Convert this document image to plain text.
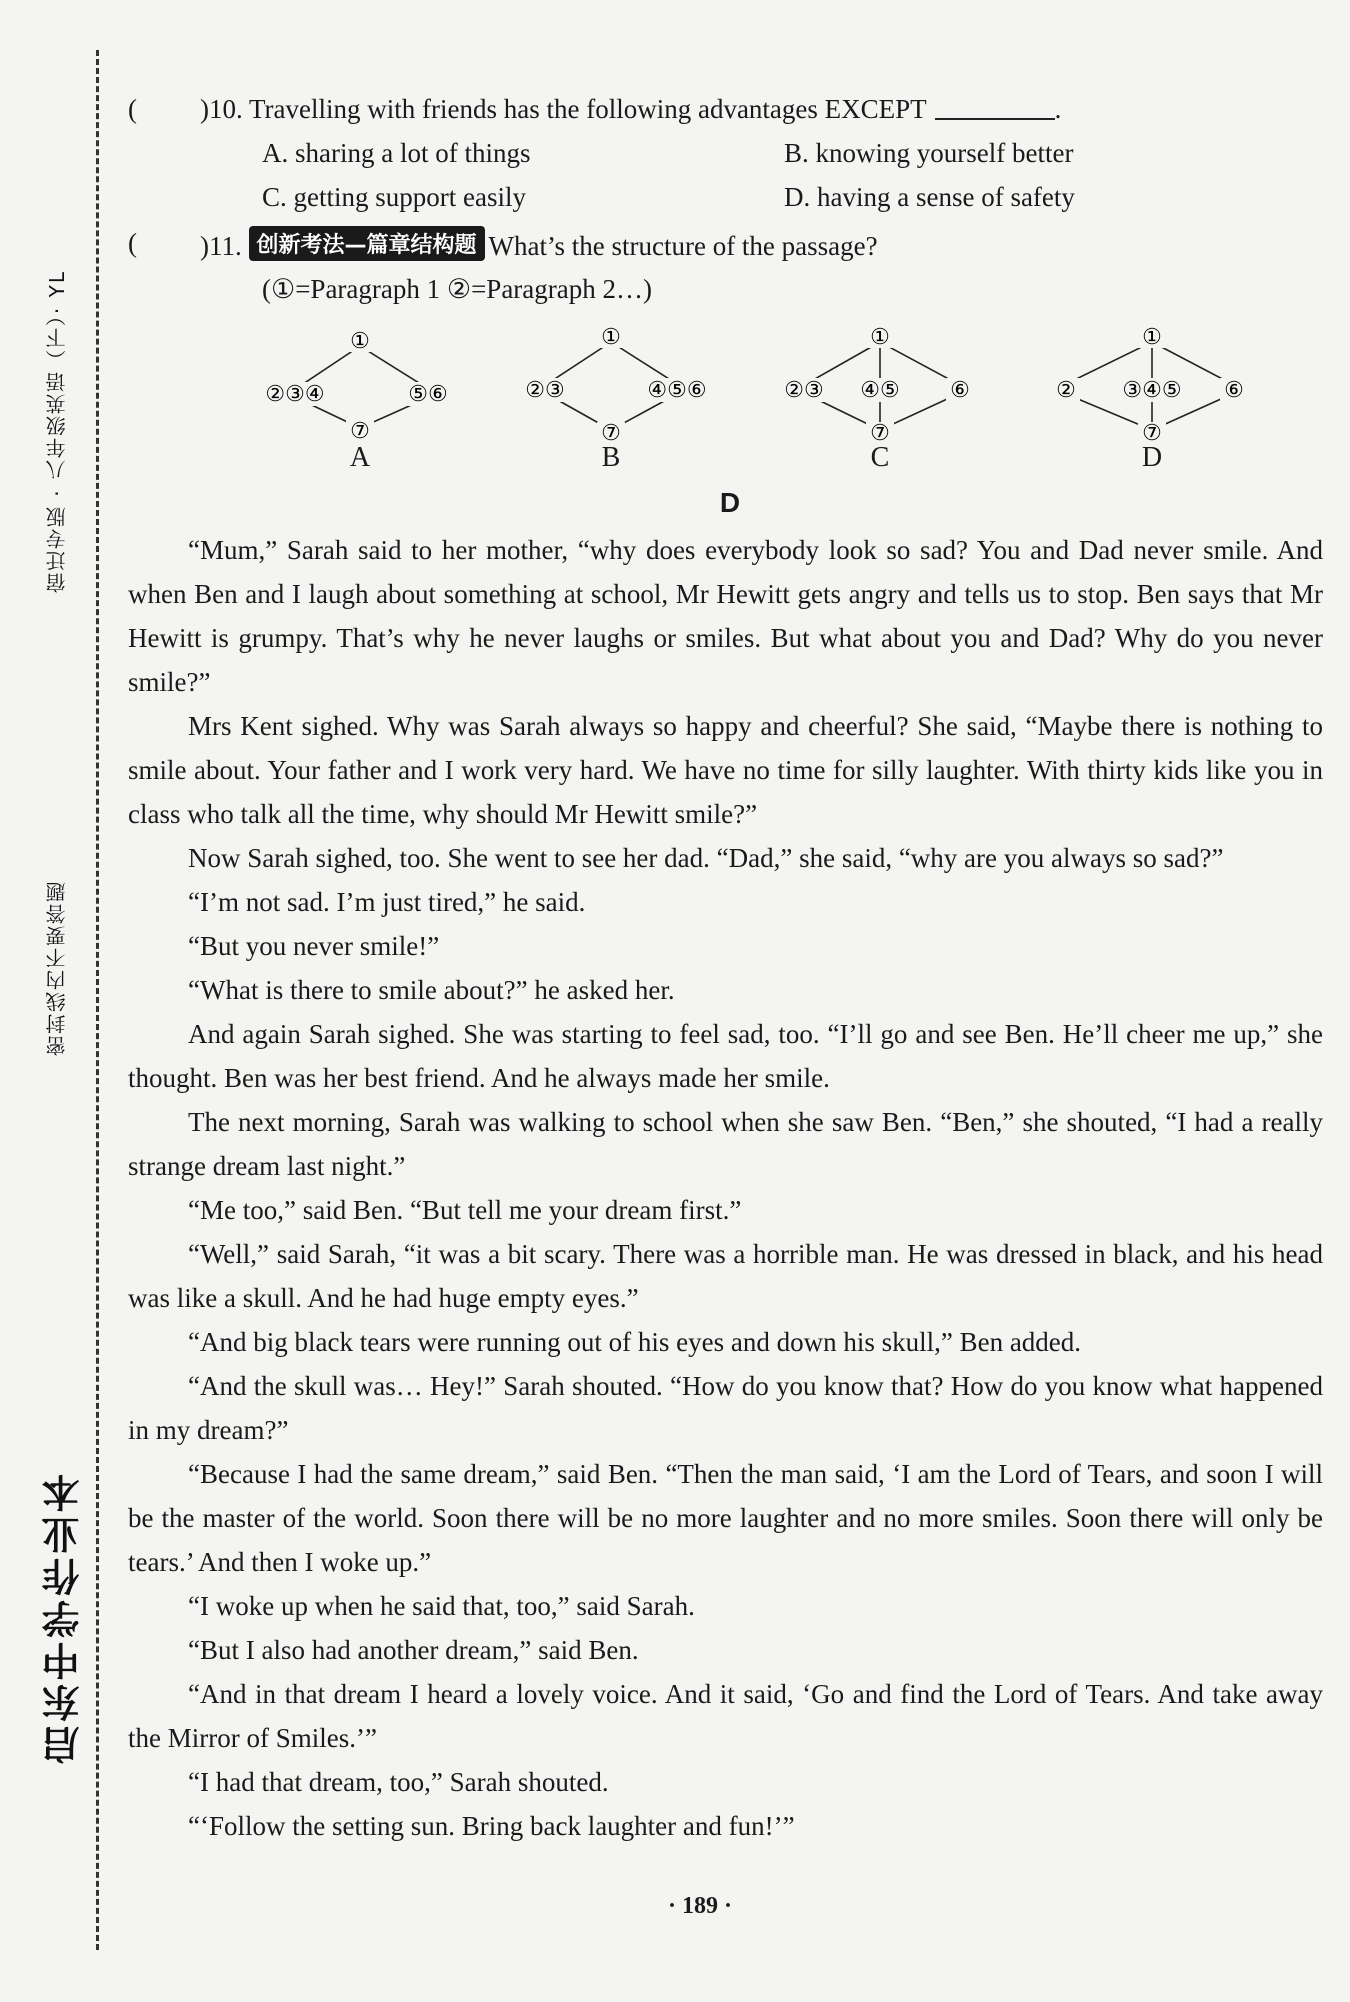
启东中学作业本
密封线内不要答题
宿迁专版 · 八年级英语（下）· YL
( )10. Travelling with friends has the following advantages EXCEPT	.
A. sharing a lot of things	B. knowing yourself better
C. getting support easily	D. having a sense of safety
( )11. 创新考法—篇章结构题 What’s the structure of the passage?
(①=Paragraph 1 ②=Paragraph 2…)
①
②③④	⑤⑥
⑦
A
①
②③	④⑤⑥
⑦
B
①
②③ ④⑤ ⑥
⑦
C
①
② ③④⑤ ⑥
⑦
D
D

“Mum,” Sarah said to her mother, “why does everybody look so sad? You and Dad never smile. And when Ben and I laugh about something at school, Mr Hewitt gets angry and tells us to stop. Ben says that Mr Hewitt is grumpy. That’s why he never laughs or smiles. But what about you and Dad? Why do you never smile?”

Mrs Kent sighed. Why was Sarah always so happy and cheerful? She said, “Maybe there is nothing to smile about. Your father and I work very hard. We have no time for silly laughter. With thirty kids like you in class who talk all the time, why should Mr Hewitt smile?”

Now Sarah sighed, too. She went to see her dad. “Dad,” she said, “why are you always so sad?”

“I’m not sad. I’m just tired,” he said.

“But you never smile!”

“What is there to smile about?” he asked her.

And again Sarah sighed. She was starting to feel sad, too. “I’ll go and see Ben. He’ll cheer me up,” she thought. Ben was her best friend. And he always made her smile.

The next morning, Sarah was walking to school when she saw Ben. “Ben,” she shouted, “I had a really strange dream last night.”

“Me too,” said Ben. “But tell me your dream first.”

“Well,” said Sarah, “it was a bit scary. There was a horrible man. He was dressed in black, and his head was like a skull. And he had huge empty eyes.”

“And big black tears were running out of his eyes and down his skull,” Ben added.

“And the skull was… Hey!” Sarah shouted. “How do you know that? How do you know what happened in my dream?”

“Because I had the same dream,” said Ben. “Then the man said, ‘I am the Lord of Tears, and soon I will be the master of the world. Soon there will be no more laughter and no more smiles. Soon there will only be tears.’ And then I woke up.”

“I woke up when he said that, too,” said Sarah.

“But I also had another dream,” said Ben.

“And in that dream I heard a lovely voice. And it said, ‘Go and find the Lord of Tears. And take away the Mirror of Smiles.’”

“I had that dream, too,” Sarah shouted.

“‘Follow the setting sun. Bring back laughter and fun!’”

· 189 ·
